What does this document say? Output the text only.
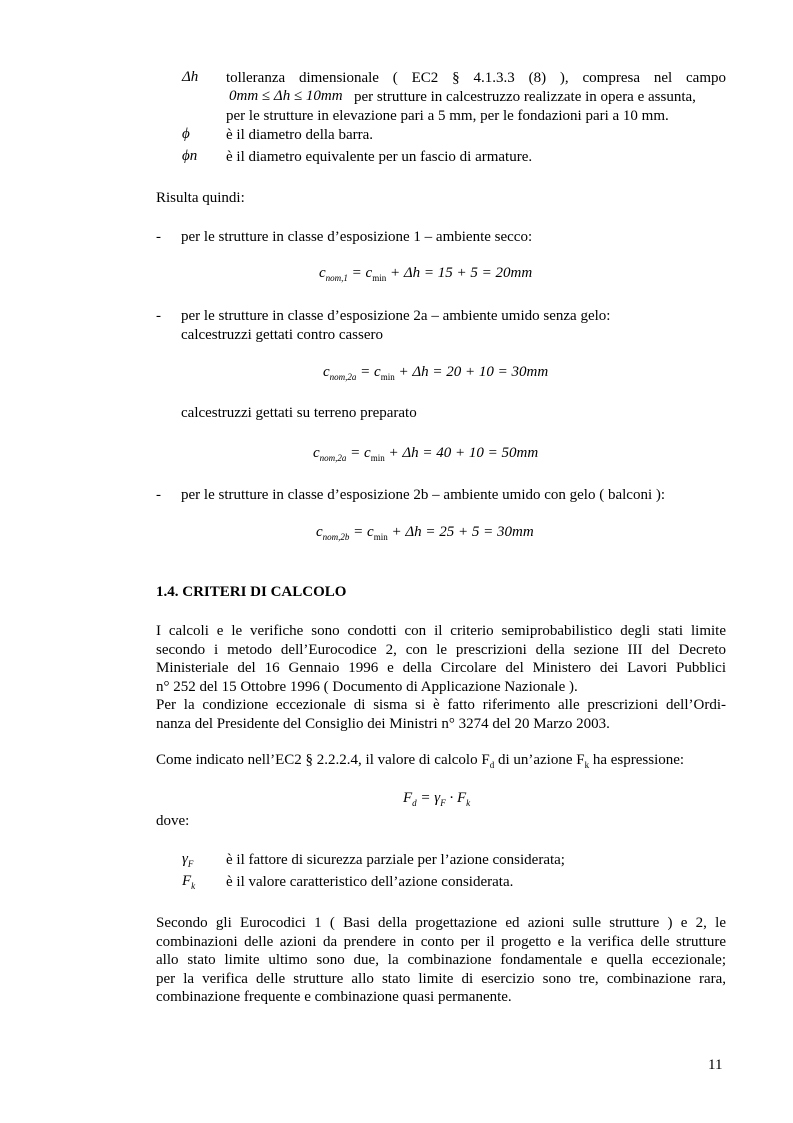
Δh tolleranza dimensionale ( EC2 § 4.1.3.3 (8) ), compresa nel campo

0mm ≤ Δh ≤ 10mm per strutture in calcestruzzo realizzate in opera e assunta,
per le strutture in elevazione pari a 5 mm, per le fondazioni pari a 10 mm.
ϕ è il diametro della barra.
ϕn è il diametro equivalente per un fascio di armature.
Risulta quindi:
- per le strutture in classe d’esposizione 1 – ambiente secco:
$c_{nom,1} = c_{min} + \Delta h = 15 + 5 = 20mm$
- per le strutture in classe d’esposizione 2a – ambiente umido senza gelo:
calcestruzzi gettati contro cassero
$c_{nom,2a} = c_{min} + \Delta h = 20 + 10 = 30mm$
calcestruzzi gettati su terreno preparato
$c_{nom,2a} = c_{min} + \Delta h = 40 + 10 = 50mm$
- per le strutture in classe d’esposizione 2b – ambiente umido con gelo ( balconi ):
$c_{nom,2b} = c_{min} + \Delta h = 25 + 5 = 30mm$
1.4. CRITERI DI CALCOLO

I calcoli e le verifiche sono condotti con il criterio semiprobabilistico degli stati limite

secondo i metodo dell’Eurocodice 2, con le prescrizioni della sezione III del Decreto

Ministeriale del 16 Gennaio 1996 e della Circolare del Ministero dei Lavori Pubblici

n° 252 del 15 Ottobre 1996 ( Documento di Applicazione Nazionale ).

Per la condizione eccezionale di sisma si è fatto riferimento alle prescrizioni dell’Ordi-

nanza del Presidente del Consiglio dei Ministri n° 3274 del 20 Marzo 2003.

Come indicato nell’EC2 § 2.2.2.4, il valore di calcolo $F_d$ di un’azione $F_k$ ha espressione:
$F_d = \gamma_F \cdot F_k$
dove:
$\gamma_F$ è il fattore di sicurezza parziale per l’azione considerata;
$F_k$ è il valore caratteristico dell’azione considerata.

Secondo gli Eurocodici 1 ( Basi della progettazione ed azioni sulle strutture ) e 2, le

combinazioni delle azioni da prendere in conto per il progetto e la verifica delle strutture

allo stato limite ultimo sono due, la combinazione fondamentale e quella eccezionale;

per la verifica delle strutture allo stato limite di esercizio sono tre, combinazione rara,

combinazione frequente e combinazione quasi permanente.

11
